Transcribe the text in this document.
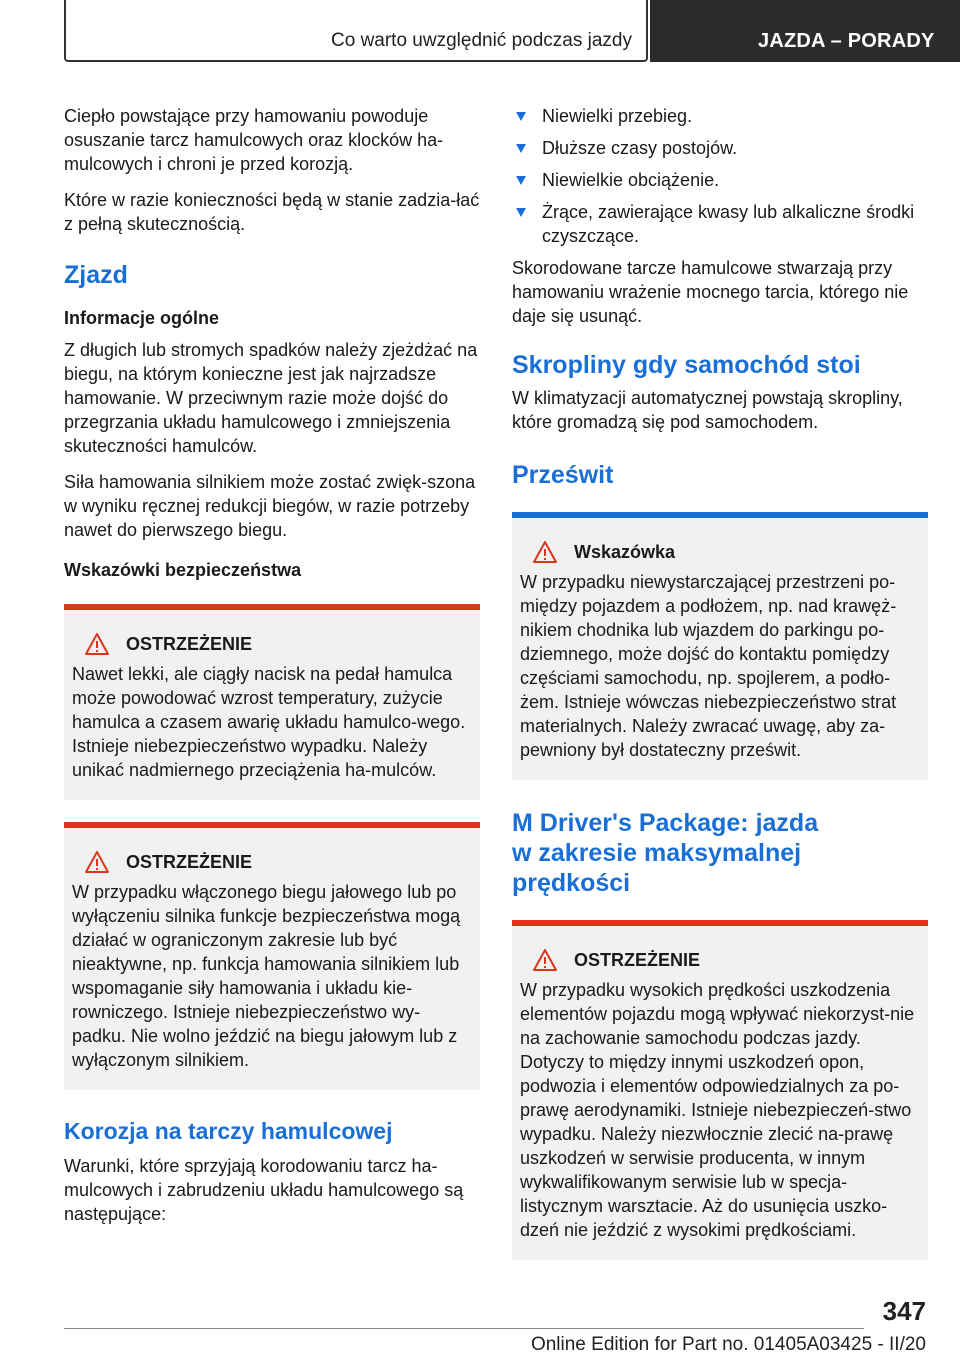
Co warto uwzględnić podczas jazdy	JAZDA – PORADY

Ciepło powstające przy hamowaniu powoduje osuszanie tarcz hamulcowych oraz klocków ha‐mulcowych i chroni je przed korozją.

Które w razie konieczności będą w stanie zadzia‐łać z pełną skutecznością.

Zjazd
Informacje ogólne

Z długich lub stromych spadków należy zjeżdżać na biegu, na którym konieczne jest jak najrzadsze hamowanie. W przeciwnym razie może dojść do przegrzania układu hamulcowego i zmniejszenia skuteczności hamulców.

Siła hamowania silnikiem może zostać zwięk‐szona w wyniku ręcznej redukcji biegów, w razie potrzeby nawet do pierwszego biegu.

Wskazówki bezpieczeństwa
OSTRZEŻENIE

Nawet lekki, ale ciągły nacisk na pedał hamulca może powodować wzrost temperatury, zużycie hamulca a czasem awarię układu hamulco‐wego. Istnieje niebezpieczeństwo wypadku. Należy unikać nadmiernego przeciążenia ha‐mulców.

OSTRZEŻENIE

W przypadku włączonego biegu jałowego lub po wyłączeniu silnika funkcje bezpieczeństwa mogą działać w ograniczonym zakresie lub być nieaktywne, np. funkcja hamowania silnikiem lub wspomaganie siły hamowania i układu kie‐rowniczego. Istnieje niebezpieczeństwo wy‐padku. Nie wolno jeździć na biegu jałowym lub z wyłączonym silnikiem.

Korozja na tarczy hamulcowej

Warunki, które sprzyjają korodowaniu tarcz ha‐mulcowych i zabrudzeniu układu hamulcowego są następujące:

Niewielki przebieg.
Dłuższe czasy postojów.
Niewielkie obciążenie.
Żrące, zawierające kwasy lub alkaliczne środki czyszczące.

Skorodowane tarcze hamulcowe stwarzają przy hamowaniu wrażenie mocnego tarcia, którego nie daje się usunąć.

Skropliny gdy samochód stoi

W klimatyzacji automatycznej powstają skropliny, które gromadzą się pod samochodem.

Prześwit
Wskazówka

W przypadku niewystarczającej przestrzeni po‐między pojazdem a podłożem, np. nad krawęż‐nikiem chodnika lub wjazdem do parkingu po‐dziemnego, może dojść do kontaktu pomiędzy częściami samochodu, np. spojlerem, a podło‐żem. Istnieje wówczas niebezpieczeństwo strat materialnych. Należy zwracać uwagę, aby za‐pewniony był dostateczny prześwit.

M Driver's Package: jazda w zakresie maksymalnej prędkości
OSTRZEŻENIE

W przypadku wysokich prędkości uszkodzenia elementów pojazdu mogą wpływać niekorzyst‐nie na zachowanie samochodu podczas jazdy. Dotyczy to między innymi uszkodzeń opon, podwozia i elementów odpowiedzialnych za po‐prawę aerodynamiki. Istnieje niebezpieczeń‐stwo wypadku. Należy niezwłocznie zlecić na‐prawę uszkodzeń w serwisie producenta, w innym wykwalifikowanym serwisie lub w specja‐listycznym warsztacie. Aż do usunięcia uszko‐dzeń nie jeździć z wysokimi prędkościami.

347
Online Edition for Part no. 01405A03425 - II/20
